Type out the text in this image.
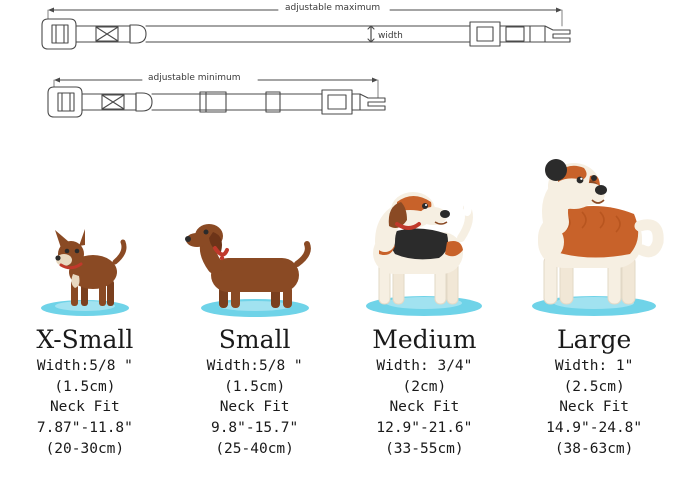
adjustable maximum
adjustable minimum
width
X-Small
Width:5/8 "
(1.5cm)
Neck Fit
7.87"-11.8"
(20-30cm)
Small
Width:5/8 "
(1.5cm)
Neck Fit
9.8"-15.7"
(25-40cm)
Medium
Width: 3/4"
(2cm)
Neck Fit
12.9"-21.6"
(33-55cm)
Large
Width: 1"
(2.5cm)
Neck Fit
14.9"-24.8"
(38-63cm)
